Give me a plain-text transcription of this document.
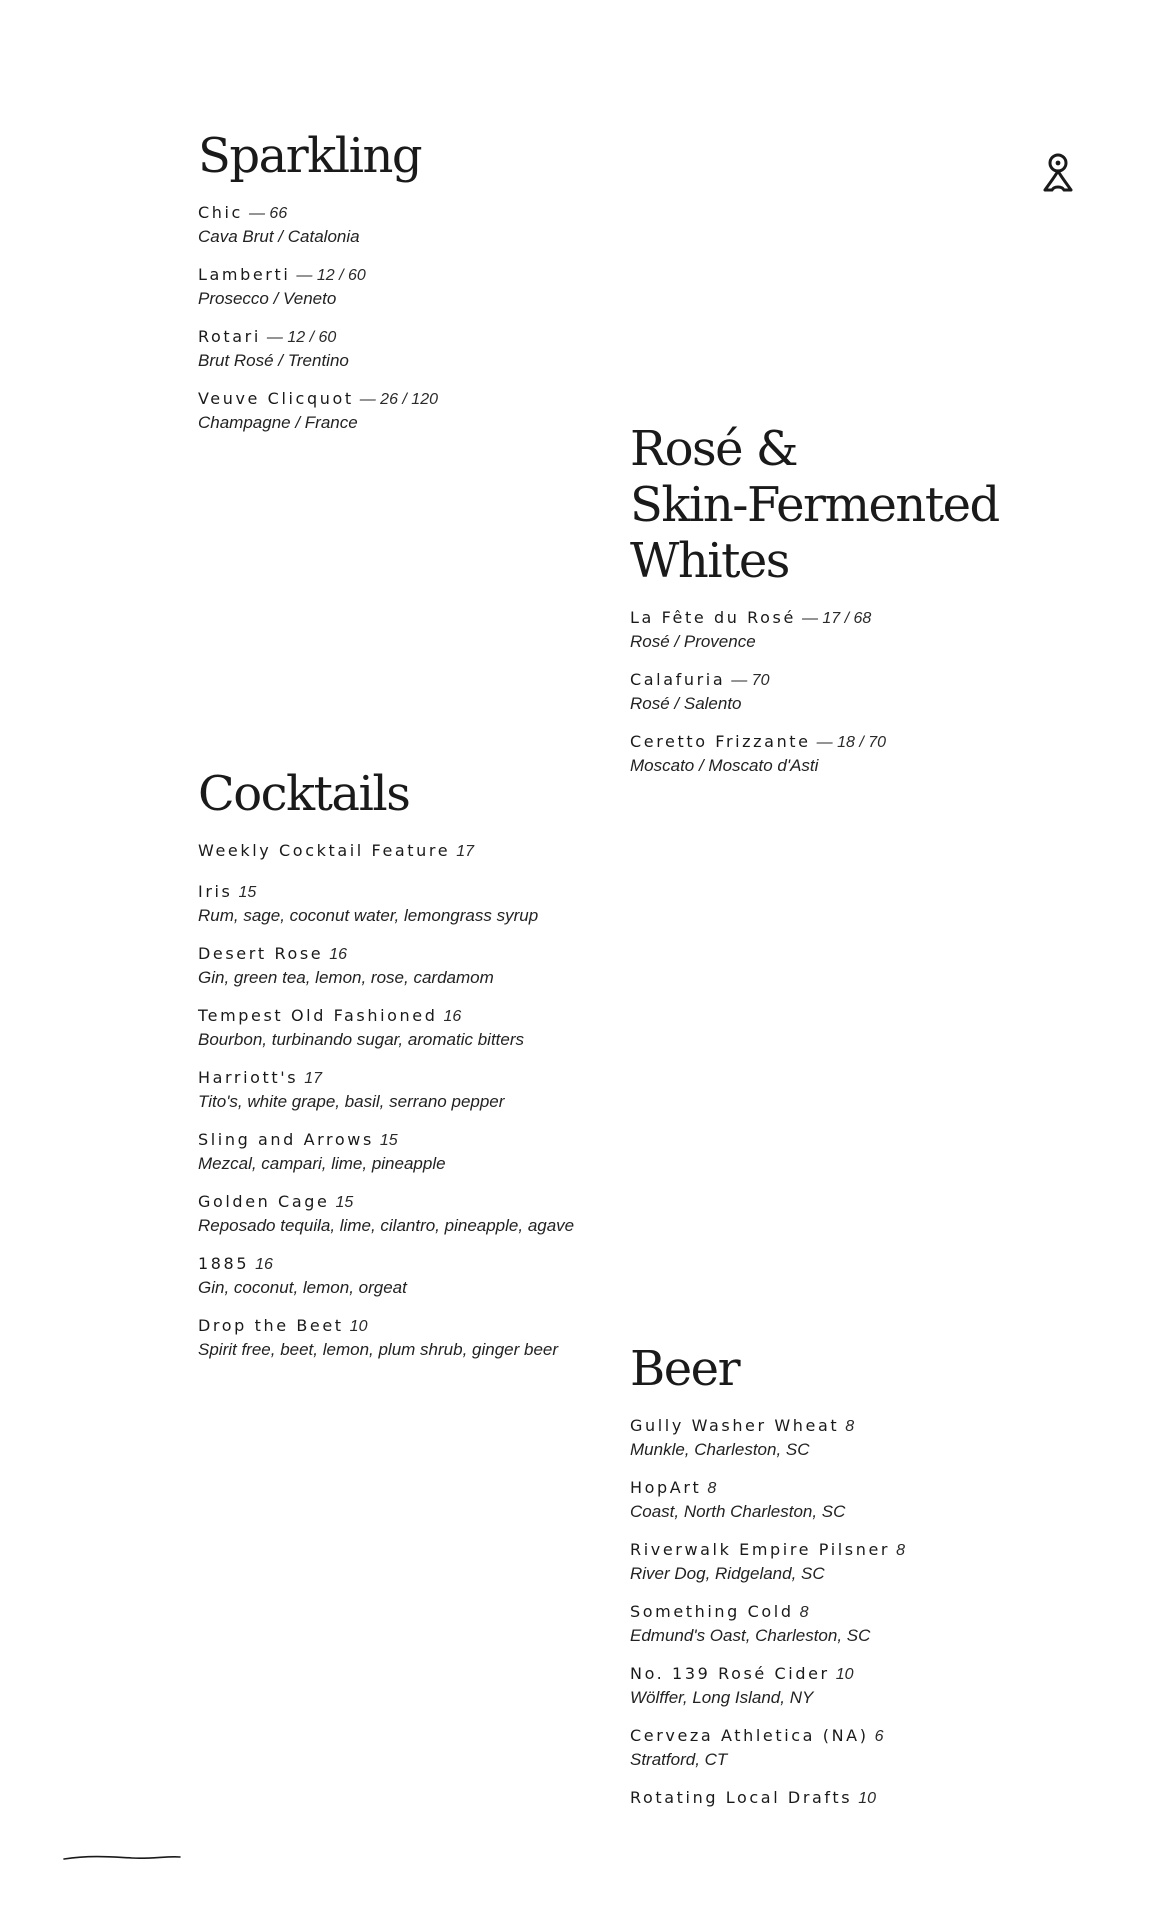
Sparkling
Chic — 66
Cava Brut / Catalonia
Lamberti — 12 / 60
Prosecco / Veneto
Rotari — 12 / 60
Brut Rosé / Trentino
Veuve Clicquot — 26 / 120
Champagne / France	Rosé &
Skin-Fermented Whites
La Fête du Rosé — 17 / 68
Rosé / Provence
Calafuria — 70
Rosé / Salento
Ceretto Frizzante — 18 / 70
Moscato / Moscato d'Asti
Cocktails
Weekly Cocktail Feature 17
Iris 15
Rum, sage, coconut water, lemongrass syrup
Desert Rose 16
Gin, green tea, lemon, rose, cardamom
Tempest Old Fashioned 16
Bourbon, turbinando sugar, aromatic bitters
Harriott's 17
Tito's, white grape, basil, serrano pepper
Sling and Arrows 15
Mezcal, campari, lime, pineapple
Golden Cage 15
Reposado tequila, lime, cilantro, pineapple, agave
1885 16
Gin, coconut, lemon, orgeat
Drop the Beet 10
Spirit free, beet, lemon, plum shrub, ginger beer	Beer
Gully Washer Wheat 8
Munkle, Charleston, SC
HopArt 8
Coast, North Charleston, SC
Riverwalk Empire Pilsner 8
River Dog, Ridgeland, SC
Something Cold 8
Edmund's Oast, Charleston, SC
No. 139 Rosé Cider 10
Wölffer, Long Island, NY
Cerveza Athletica (NA) 6
Stratford, CT
Rotating Local Drafts 10
